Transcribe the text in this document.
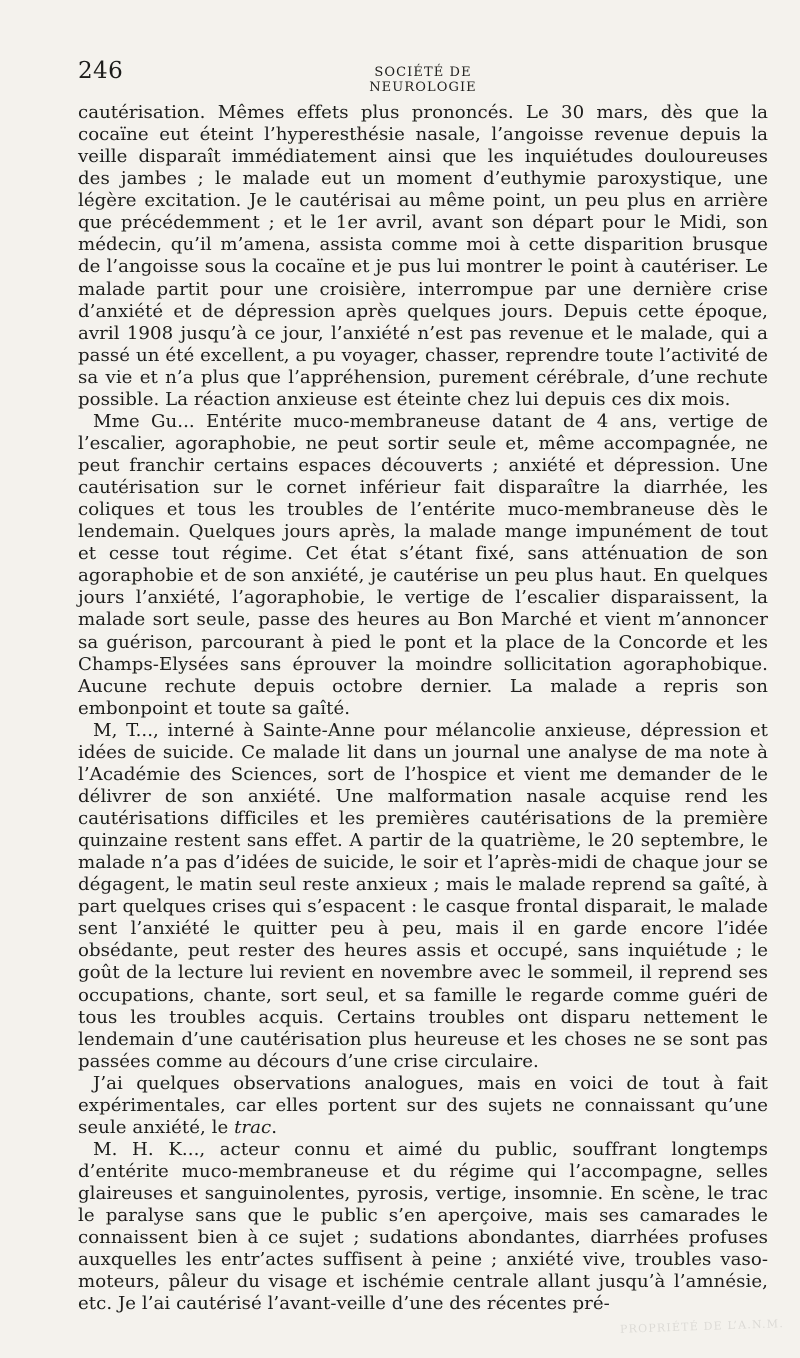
246	SOCIÉTÉ DE NEUROLOGIE

cautérisation. Mêmes effets plus prononcés. Le 30 mars, dès que la cocaïne eut éteint l’hyperesthésie nasale, l’angoisse revenue depuis la veille disparaît immédiatement ainsi que les inquiétudes douloureuses des jambes ; le malade eut un moment d’euthymie paroxystique, une légère excitation. Je le cautérisai au même point, un peu plus en arrière que précédemment ; et le 1er avril, avant son départ pour le Midi, son médecin, qu’il m’amena, assista comme moi à cette disparition brusque de l’angoisse sous la cocaïne et je pus lui montrer le point à cautériser. Le malade partit pour une croisière, interrompue par une dernière crise d’anxiété et de dépression après quelques jours. Depuis cette époque, avril 1908 jusqu’à ce jour, l’anxiété n’est pas revenue et le malade, qui a passé un été excellent, a pu voyager, chasser, reprendre toute l’activité de sa vie et n’a plus que l’appréhension, purement cérébrale, d’une rechute possible. La réaction anxieuse est éteinte chez lui depuis ces dix mois.

Mme Gu... Entérite muco-membraneuse datant de 4 ans, vertige de l’escalier, agoraphobie, ne peut sortir seule et, même accompagnée, ne peut franchir certains espaces découverts ; anxiété et dépression. Une cautérisation sur le cornet inférieur fait disparaître la diarrhée, les coliques et tous les troubles de l’entérite muco-membraneuse dès le lendemain. Quelques jours après, la malade mange impunément de tout et cesse tout régime. Cet état s’étant fixé, sans atténuation de son agoraphobie et de son anxiété, je cautérise un peu plus haut. En quelques jours l’anxiété, l’agoraphobie, le vertige de l’escalier disparaissent, la malade sort seule, passe des heures au Bon Marché et vient m’annoncer sa guérison, parcourant à pied le pont et la place de la Concorde et les Champs-Elysées sans éprouver la moindre sollicitation agoraphobique. Aucune rechute depuis octobre dernier. La malade a repris son embonpoint et toute sa gaîté.

M, T..., interné à Sainte-Anne pour mélancolie anxieuse, dépression et idées de suicide. Ce malade lit dans un journal une analyse de ma note à l’Académie des Sciences, sort de l’hospice et vient me demander de le délivrer de son anxiété. Une malformation nasale acquise rend les cautérisations difficiles et les premières cautérisations de la première quinzaine restent sans effet. A partir de la quatrième, le 20 septembre, le malade n’a pas d’idées de suicide, le soir et l’après-midi de chaque jour se dégagent, le matin seul reste anxieux ; mais le malade reprend sa gaîté, à part quelques crises qui s’espacent : le casque frontal disparait, le malade sent l’anxiété le quitter peu à peu, mais il en garde encore l’idée obsédante, peut rester des heures assis et occupé, sans inquiétude ; le goût de la lecture lui revient en novembre avec le sommeil, il reprend ses occupations, chante, sort seul, et sa famille le regarde comme guéri de tous les troubles acquis. Certains troubles ont disparu nettement le lendemain d’une cautérisation plus heureuse et les choses ne se sont pas passées comme au décours d’une crise circulaire.

J’ai quelques observations analogues, mais en voici de tout à fait expérimentales, car elles portent sur des sujets ne connaissant qu’une seule anxiété, le trac.

M. H. K..., acteur connu et aimé du public, souffrant longtemps d’entérite muco-membraneuse et du régime qui l’accompagne, selles glaireuses et sanguinolentes, pyrosis, vertige, insomnie. En scène, le trac le paralyse sans que le public s’en aperçoive, mais ses camarades le connaissent bien à ce sujet ; sudations abondantes, diarrhées profuses auxquelles les entr’actes suffisent à peine ; anxiété vive, troubles vaso-moteurs, pâleur du visage et ischémie centrale allant jusqu’à l’amnésie, etc. Je l’ai cautérisé l’avant-veille d’une des récentes pré-

PROPRIÉTÉ DE L’A.N.M.
